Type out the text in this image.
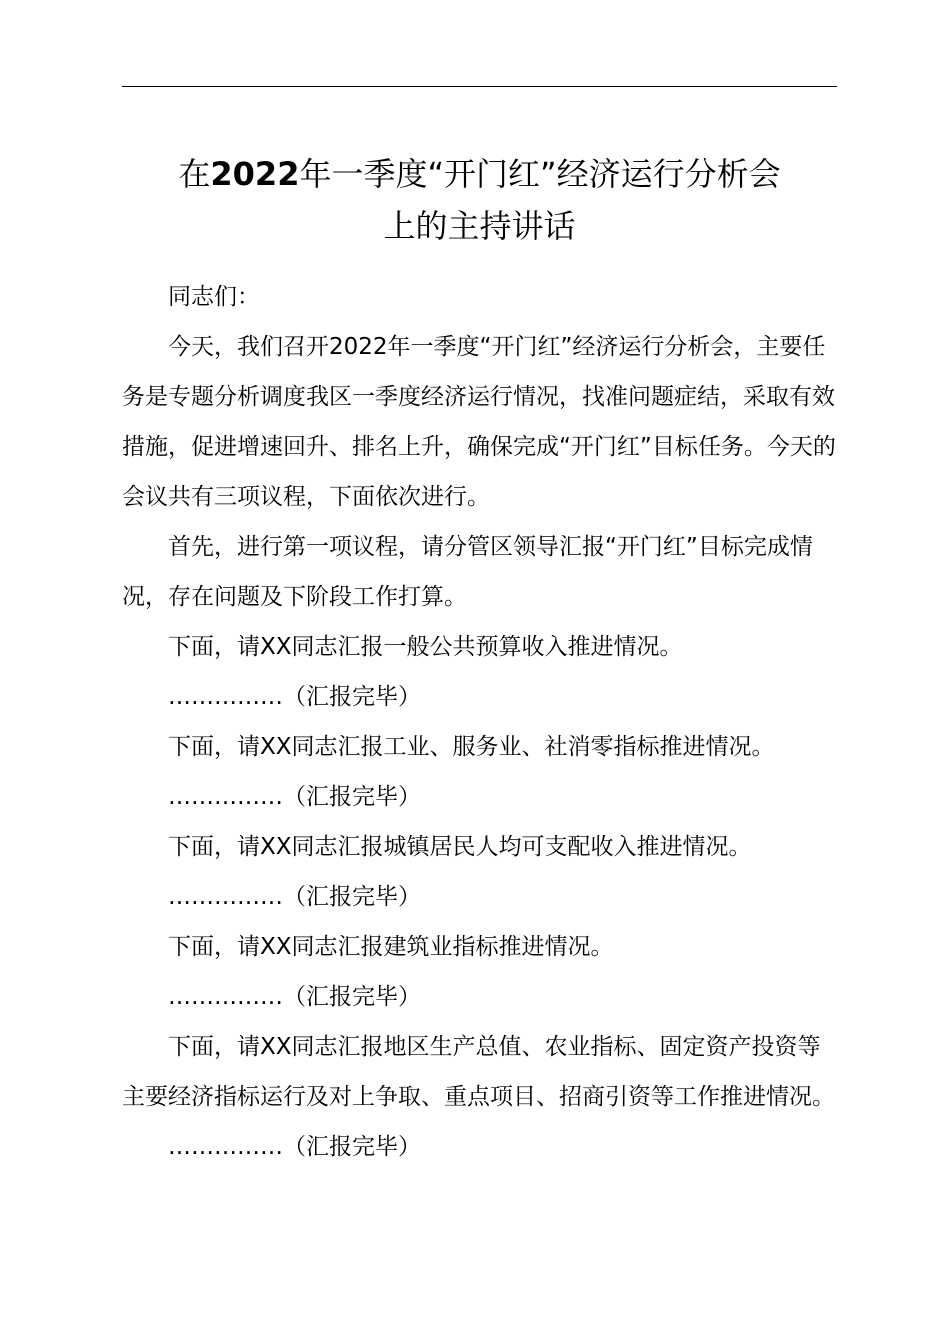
在2022年一季度“开门红”经济运行分析会
上的主持讲话

同志们：

今天，我们召开2022年一季度“开门红”经济运行分析会，主要任务是专题分析调度我区一季度经济运行情况，找准问题症结，采取有效措施，促进增速回升、排名上升，确保完成“开门红”目标任务。今天的会议共有三项议程，下面依次进行。

首先，进行第一项议程，请分管区领导汇报“开门红”目标完成情况，存在问题及下阶段工作打算。

下面，请XX同志汇报一般公共预算收入推进情况。

……………（汇报完毕）

下面，请XX同志汇报工业、服务业、社消零指标推进情况。

……………（汇报完毕）

下面，请XX同志汇报城镇居民人均可支配收入推进情况。

……………（汇报完毕）

下面，请XX同志汇报建筑业指标推进情况。

……………（汇报完毕）

下面，请XX同志汇报地区生产总值、农业指标、固定资产投资等主要经济指标运行及对上争取、重点项目、招商引资等工作推进情况。

……………（汇报完毕）
